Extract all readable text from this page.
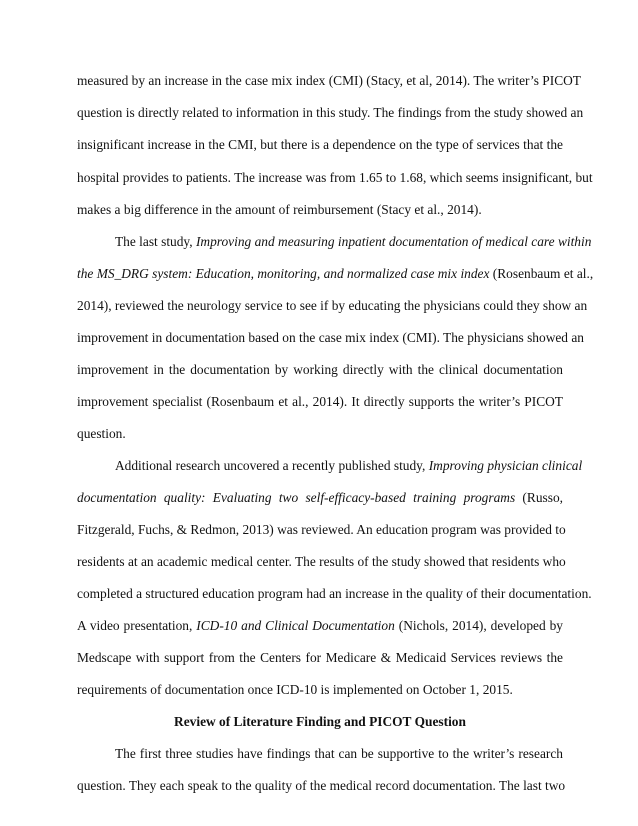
measured by an increase in the case mix index (CMI) (Stacy, et al, 2014). The writer’s PICOT
question is directly related to information in this study. The findings from the study showed an
insignificant increase in the CMI, but there is a dependence on the type of services that the
hospital provides to patients. The increase was from 1.65 to 1.68, which seems insignificant, but
makes a big difference in the amount of reimbursement (Stacy et al., 2014).
The last study, Improving and measuring inpatient documentation of medical care within
the MS_DRG system: Education, monitoring, and normalized case mix index (Rosenbaum et al.,
2014), reviewed the neurology service to see if by educating the physicians could they show an
improvement in documentation based on the case mix index (CMI). The physicians showed an
improvement in the documentation by working directly with the clinical documentation
improvement specialist (Rosenbaum et al., 2014). It directly supports the writer’s PICOT
question.
Additional research uncovered a recently published study, Improving physician clinical
documentation quality: Evaluating two self-efficacy-based training programs (Russo,
Fitzgerald, Fuchs, & Redmon, 2013) was reviewed. An education program was provided to
residents at an academic medical center. The results of the study showed that residents who
completed a structured education program had an increase in the quality of their documentation.
A video presentation, ICD-10 and Clinical Documentation (Nichols, 2014), developed by
Medscape with support from the Centers for Medicare & Medicaid Services reviews the
requirements of documentation once ICD-10 is implemented on October 1, 2015.
Review of Literature Finding and PICOT Question
The first three studies have findings that can be supportive to the writer’s research
question. They each speak to the quality of the medical record documentation. The last two
